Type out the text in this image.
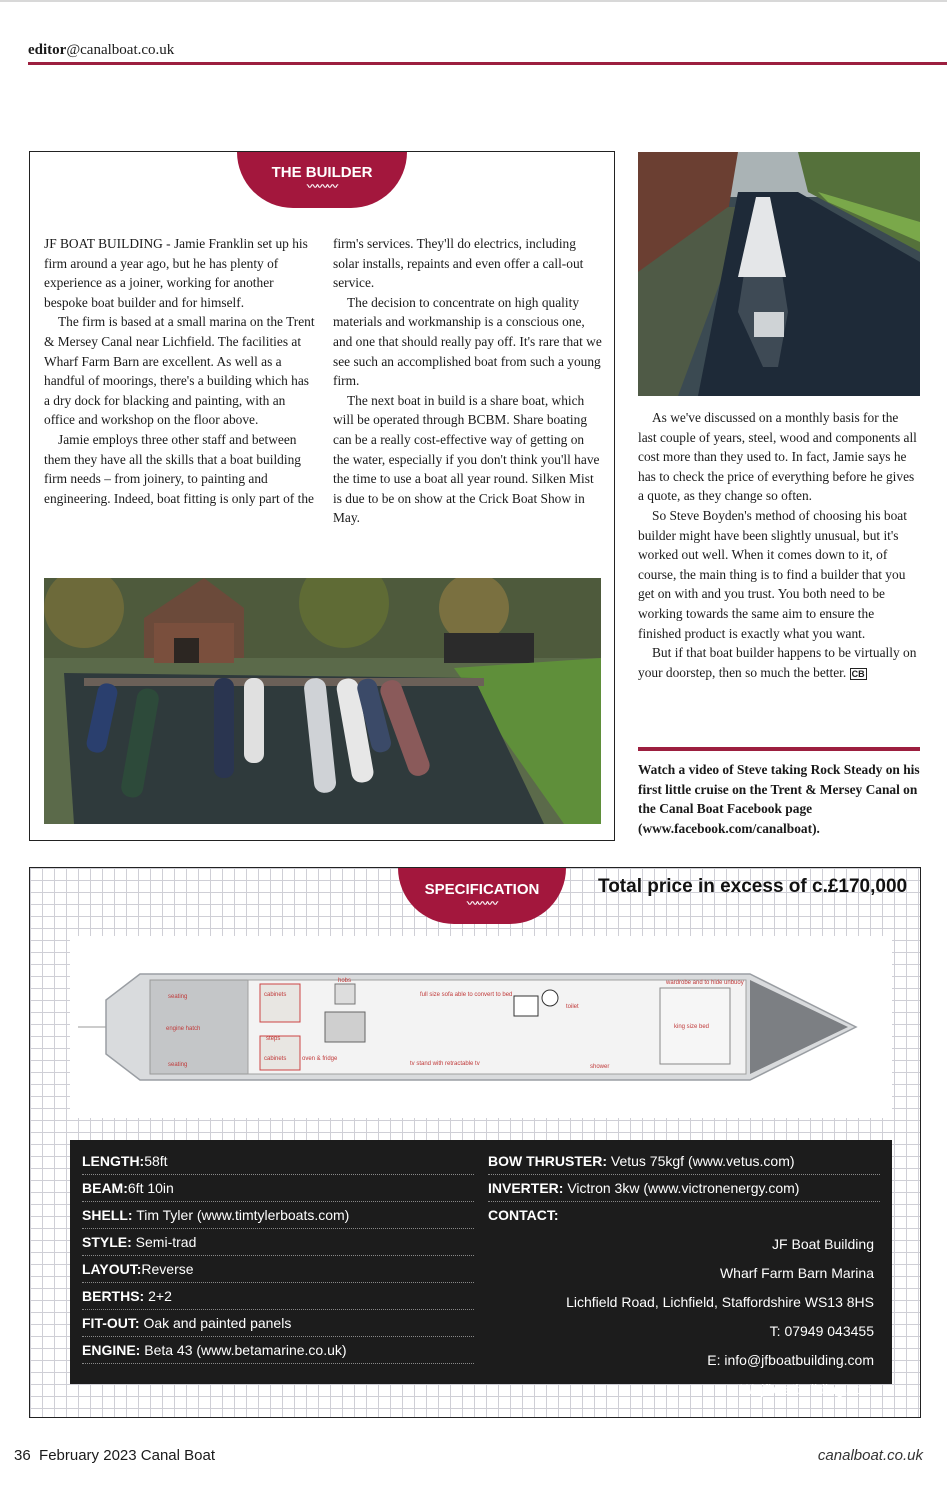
editor@canalboat.co.uk
THE BUILDER
〰〰〰

JF BOAT BUILDING - Jamie Franklin set up his firm around a year ago, but he has plenty of experience as a joiner, working for another bespoke boat builder and for himself.

The firm is based at a small marina on the Trent & Mersey Canal near Lichfield. The facilities at Wharf Farm Barn are excellent. As well as a handful of moorings, there's a building which has a dry dock for blacking and painting, with an office and workshop on the floor above.

Jamie employs three other staff and between them they have all the skills that a boat building firm needs – from joinery, to painting and engineering. Indeed, boat fitting is only part of the

firm's services. They'll do electrics, including solar installs, repaints and even offer a call-out service.

The decision to concentrate on high quality materials and workmanship is a conscious one, and one that should really pay off. It's rare that we see such an accomplished boat from such a young firm.

The next boat in build is a share boat, which will be operated through BCBM. Share boating can be a really cost-effective way of getting on the water, especially if you don't think you'll have the time to use a boat all year round. Silken Mist is due to be on show at the Crick Boat Show in May.

As we've discussed on a monthly basis for the last couple of years, steel, wood and components all cost more than they used to. In fact, Jamie says he has to check the price of everything before he gives a quote, as they change so often.

So Steve Boyden's method of choosing his boat builder might have been slightly unusual, but it's worked out well. When it comes down to it, of course, the main thing is to find a builder that you get on with and you trust. You both need to be working towards the same aim to ensure the finished product is exactly what you want.

But if that boat builder happens to be virtually on your doorstep, then so much the better. CB

Watch a video of Steve taking Rock Steady on his first little cruise on the Trent & Mersey Canal on the Canal Boat Facebook page (www.facebook.com/canalboat).
SPECIFICATION
〰〰〰
Total price in excess of c.£170,000
seating
seating
engine hatch
cabinets
cabinets
steps
hobs
oven & fridge
full size sofa able to convert to bed
tv stand with retractable tv
toilet
shower
wardrobe and to hide unbuoy
king size bed
LENGTH:58ft
BEAM:6ft 10in
SHELL: Tim Tyler (www.timtylerboats.com)
STYLE: Semi-trad
LAYOUT:Reverse
BERTHS: 2+2
FIT-OUT: Oak and painted panels
ENGINE: Beta 43 (www.betamarine.co.uk)
BOW THRUSTER: Vetus 75kgf (www.vetus.com)
INVERTER: Victron 3kw (www.victronenergy.com)
CONTACT:
JF Boat Building
Wharf Farm Barn Marina
Lichfield Road, Lichfield, Staffordshire WS13 8HS
T: 07949 043455
E: info@jfboatbuilding.com
W: jfboatbuilding.com
36 February 2023 Canal Boat	canalboat.co.uk
